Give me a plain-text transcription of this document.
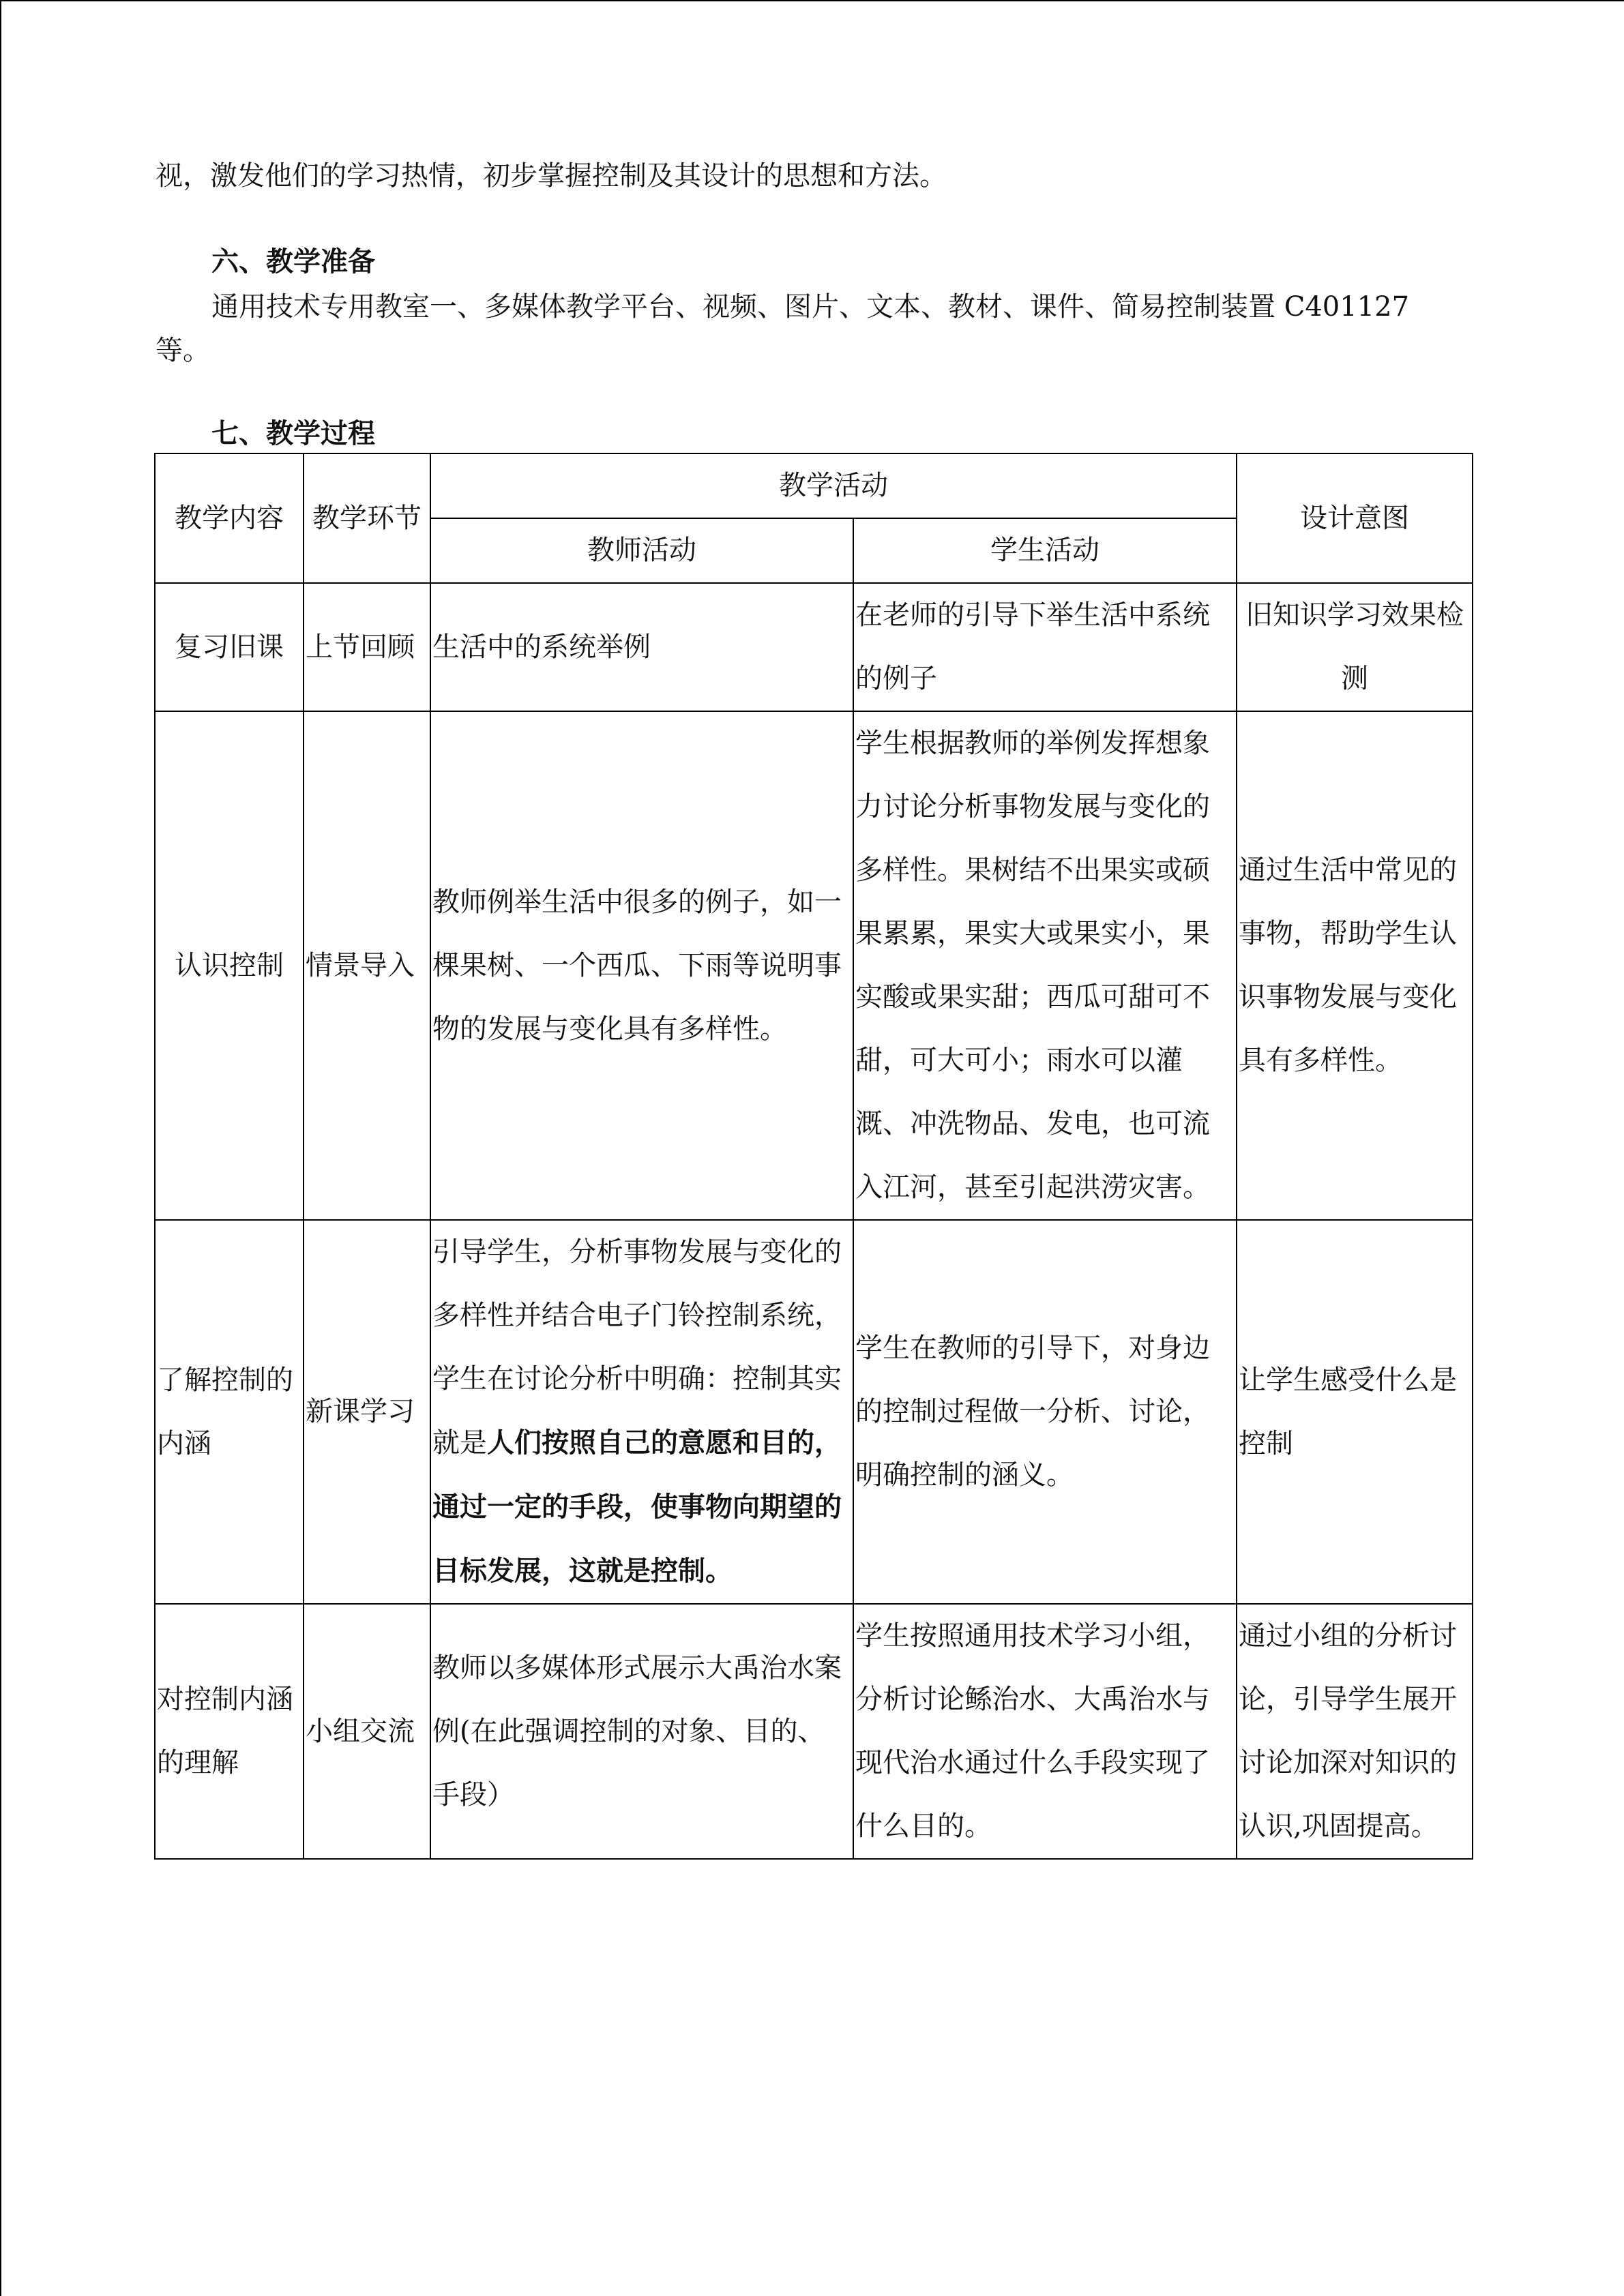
视，激发他们的学习热情，初步掌握控制及其设计的思想和方法。
六、教学准备
通用技术专用教室一、多媒体教学平台、视频、图片、文本、教材、课件、简易控制装置 C401127 等。
七、教学过程
教学内容	教学环节	教学活动		设计意图
		教师活动	学生活动	
复习旧课	上节回顾	生活中的系统举例	在老师的引导下举生活中系统的例子	旧知识学习效果检测
认识控制	情景导入	教师例举生活中很多的例子，如一棵果树、一个西瓜、下雨等说明事物的发展与变化具有多样性。	学生根据教师的举例发挥想象力讨论分析事物发展与变化的多样性。果树结不出果实或硕果累累，果实大或果实小，果实酸或果实甜；西瓜可甜可不甜，可大可小；雨水可以灌溉、冲洗物品、发电，也可流入江河，甚至引起洪涝灾害。	通过生活中常见的事物，帮助学生认识事物发展与变化具有多样性。
了解控制的内涵	新课学习	引导学生，分析事物发展与变化的多样性并结合电子门铃控制系统，学生在讨论分析中明确：控制其实就是人们按照自己的意愿和目的，通过一定的手段，使事物向期望的目标发展，这就是控制。	学生在教师的引导下，对身边的控制过程做一分析、讨论，明确控制的涵义。	让学生感受什么是控制
对控制内涵的理解	小组交流	教师以多媒体形式展示大禹治水案例(在此强调控制的对象、目的、手段）	学生按照通用技术学习小组，分析讨论鲧治水、大禹治水与现代治水通过什么手段实现了什么目的。	通过小组的分析讨论，引导学生展开讨论加深对知识的认识,巩固提高。
